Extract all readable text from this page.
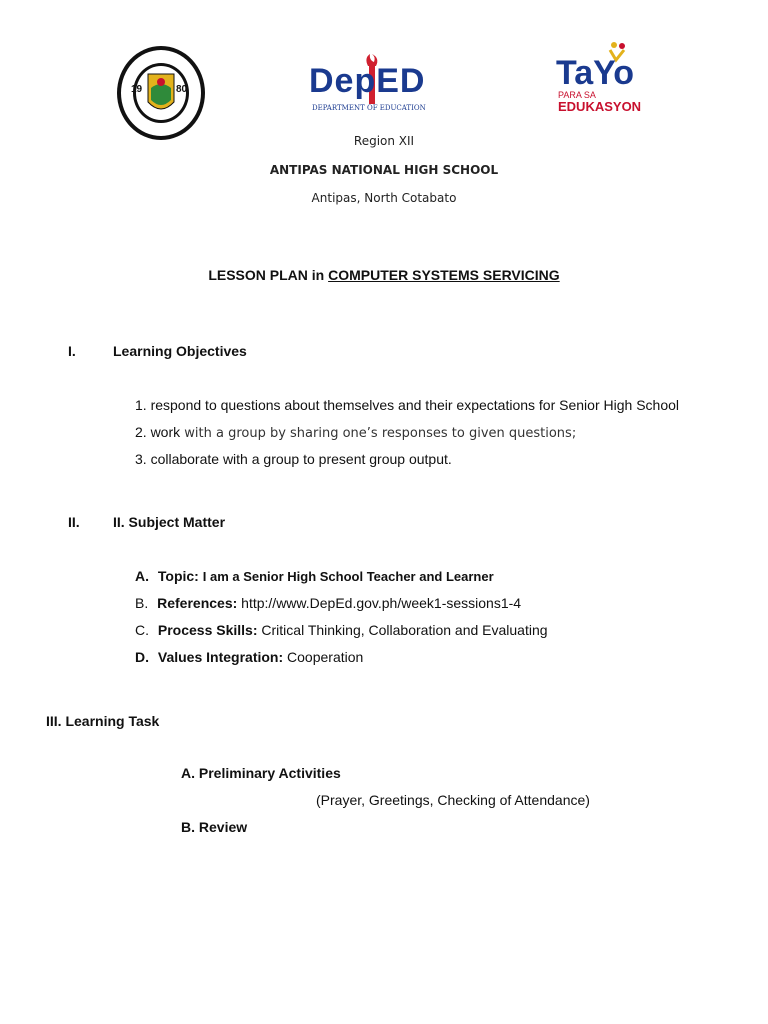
19	80	DepED
DEPARTMENT OF EDUCATION
TaYo
PARA SA
EDUKASYON
Region XII
ANTIPAS NATIONAL HIGH SCHOOL
Antipas, North Cotabato
LESSON PLAN in COMPUTER SYSTEMS SERVICING
I.	Learning Objectives
1. respond to questions about themselves and their expectations for Senior High School
2. work with a group by sharing one’s responses to given questions;
3. collaborate with a group to present group output.
II. II. Subject Matter
A. Topic: I am a Senior High School Teacher and Learner
B. References: http://www.DepEd.gov.ph/week1-sessions1-4
C. Process Skills: Critical Thinking, Collaboration and Evaluating
D. Values Integration: Cooperation
III. Learning Task
A. Preliminary Activities
(Prayer, Greetings, Checking of Attendance)
B. Review
